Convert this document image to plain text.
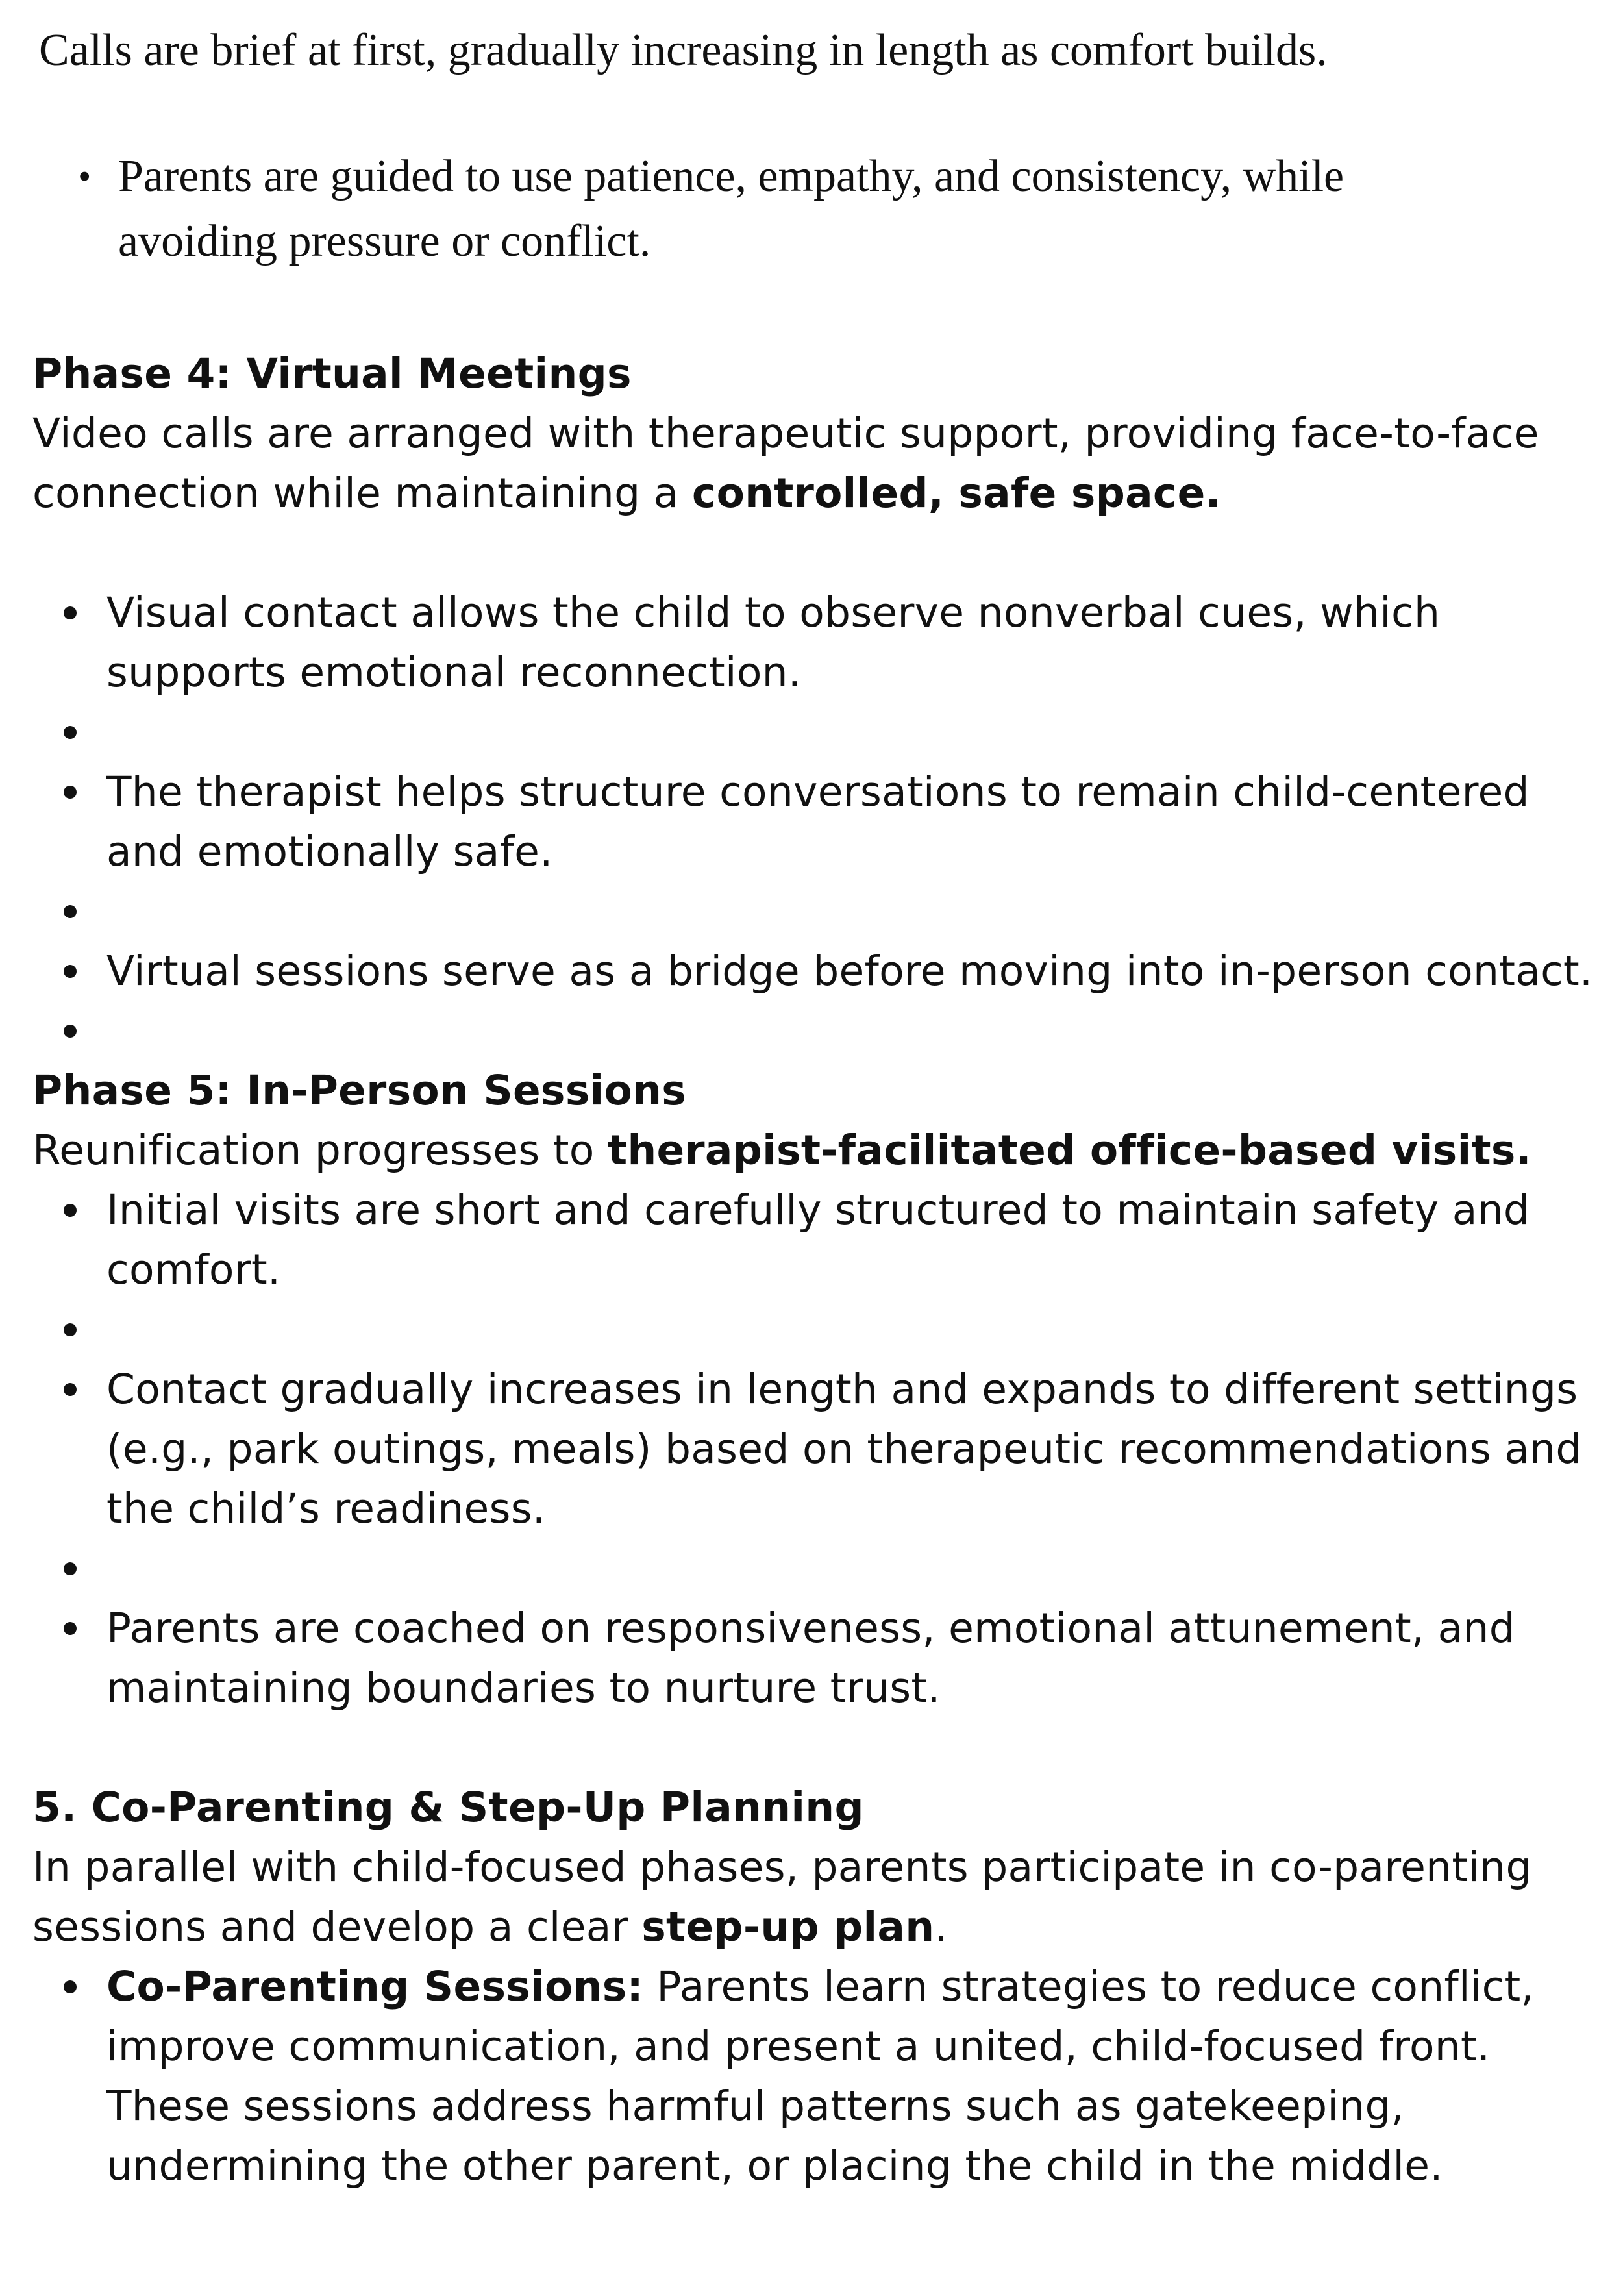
Calls are brief at first, gradually increasing in length as comfort builds.
• Parents are guided to use patience, empathy, and consistency, while avoiding pressure or conflict.

Phase 4: Virtual Meetings

Video calls are arranged with therapeutic support, providing face-to-face connection while maintaining a controlled, safe space.

Visual contact allows the child to observe nonverbal cues, which supports emotional reconnection.
The therapist helps structure conversations to remain child-centered and emotionally safe.
Virtual sessions serve as a bridge before moving into in-person contact.

Phase 5: In-Person Sessions

Reunification progresses to therapist-facilitated office-based visits.

Initial visits are short and carefully structured to maintain safety and comfort.
Contact gradually increases in length and expands to different settings (e.g., park outings, meals) based on therapeutic recommendations and the child’s readiness.
Parents are coached on responsiveness, emotional attunement, and maintaining boundaries to nurture trust.

5. Co-Parenting & Step-Up Planning

In parallel with child-focused phases, parents participate in co-parenting sessions and develop a clear step-up plan.

Co-Parenting Sessions: Parents learn strategies to reduce conflict, improve communication, and present a united, child-focused front. These sessions address harmful patterns such as gatekeeping, undermining the other parent, or placing the child in the middle.
